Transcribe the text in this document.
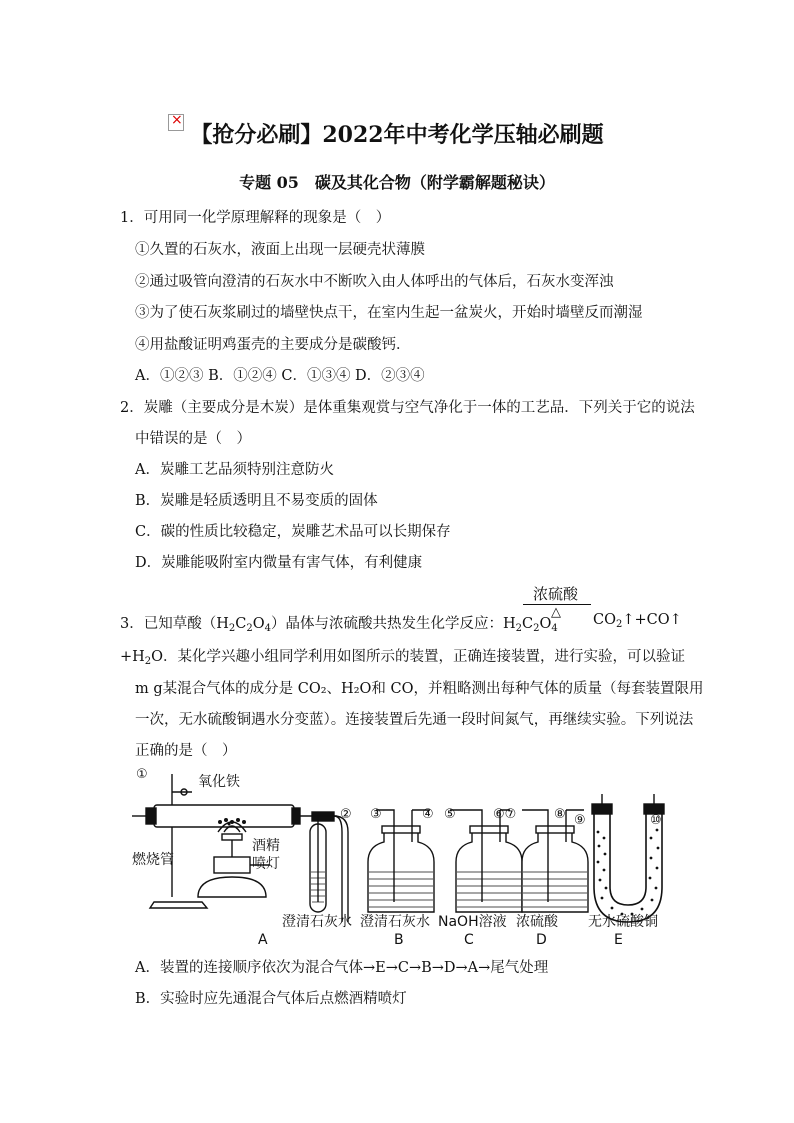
×
【抢分必刷】2022年中考化学压轴必刷题
专题 05　碳及其化合物（附学霸解题秘诀）
1．可用同一化学原理解释的现象是（　）
①久置的石灰水，液面上出现一层硬壳状薄膜
②通过吸管向澄清的石灰水中不断吹入由人体呼出的气体后，石灰水变浑浊
③为了使石灰浆刷过的墙壁快点干，在室内生起一盆炭火，开始时墙壁反而潮湿
④用盐酸证明鸡蛋壳的主要成分是碳酸钙．
A．①②③ B．①②④ C．①③④ D．②③④
2．炭雕（主要成分是木炭）是体重集观赏与空气净化于一体的工艺品．下列关于它的说法
中错误的是（　）
A．炭雕工艺品须特别注意防火
B．炭雕是轻质透明且不易变质的固体
C．碳的性质比较稳定，炭雕艺术品可以长期保存
D．炭雕能吸附室内微量有害气体，有利健康
浓硫酸
△
3．已知草酸$(H_2C_2O_4)$晶体与浓硫酸共热发生化学反应：$H_2C_2O_4$
$CO_2↑+CO↑$
$+H_2O$．某化学兴趣小组同学利用如图所示的装置，正确连接装置，进行实验，可以验证
m g某混合气体的成分是 CO₂、H₂O和 CO，并粗略测出每种气体的质量（每套装置限用
一次，无水硫酸铜遇水分变蓝）。连接装置后先通一段时间氮气，再继续实验。下列说法
正确的是（　）
①
② ③	④ ⑤	⑥⑦	⑧ ⑨	⑩
氧化铁
酒精
喷灯
燃烧管
澄清石灰水 澄清石灰水 NaOH溶液 浓硫酸 无水硫酸铜
A	B	C	D	E
A．装置的连接顺序依次为混合气体→E→C→B→D→A→尾气处理
B．实验时应先通混合气体后点燃酒精喷灯
